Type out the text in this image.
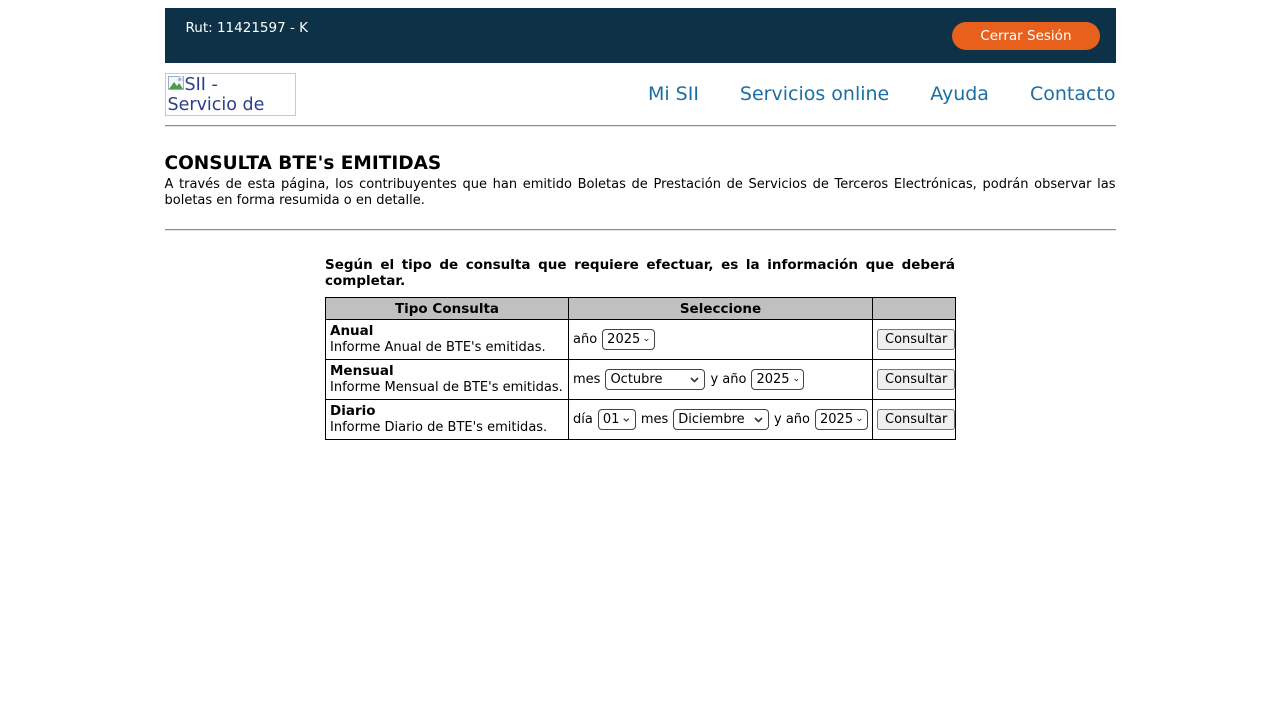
Rut: 11421597 - K	Cerrar Sesión
SII - Servicio de	Mi SII Servicios online Ayuda Contacto
CONSULTA BTE's EMITIDAS

A través de esta página, los contribuyentes que han emitido Boletas de Prestación de Servicios de Terceros Electrónicas, podrán observar las boletas en forma resumida o en detalle.

Según el tipo de consulta que requiere efectuar, es la información que deberá completar.

Tipo Consulta	Seleccione	
Anual
Informe Anual de BTE's emitidas.	año 2025	Consultar
Mensual
Informe Mensual de BTE's emitidas.	mes Octubre y año 2025	Consultar
Diario
Informe Diario de BTE's emitidas.	día 01 mes Diciembre y año 2025	Consultar
